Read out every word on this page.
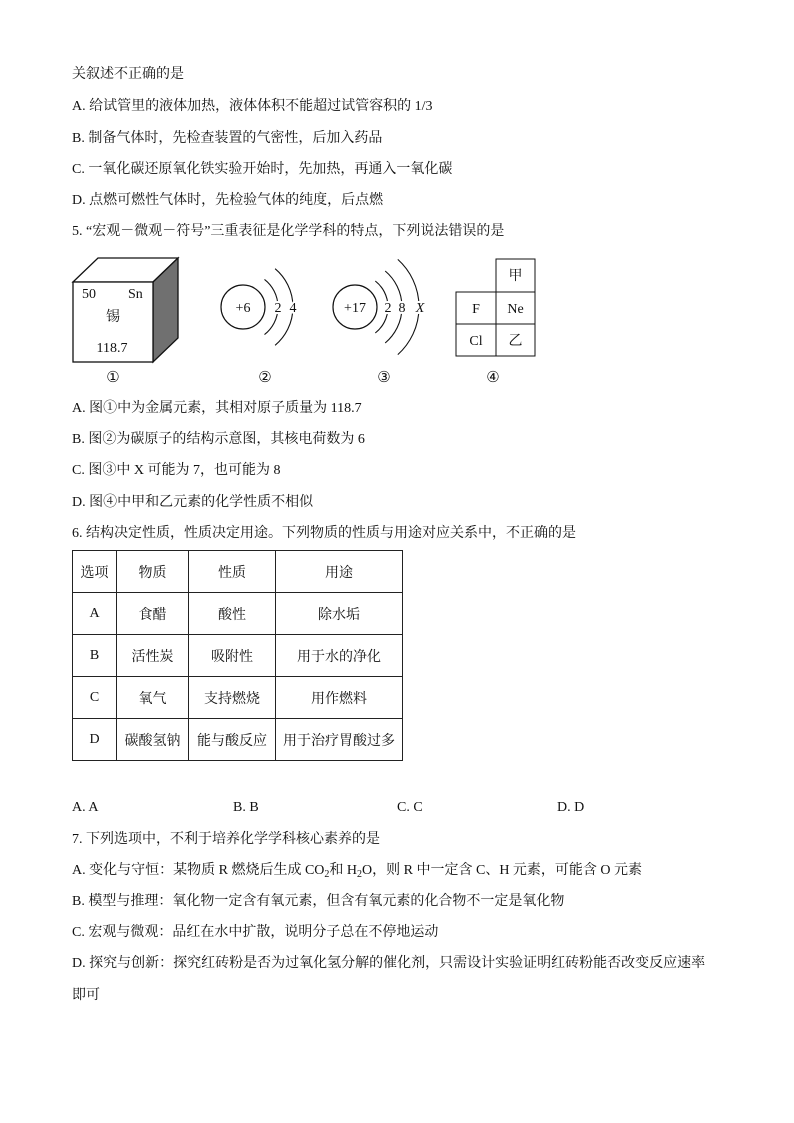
关叙述不正确的是
A. 给试管里的液体加热，液体体积不能超过试管容积的 1/3
B. 制备气体时，先检查装置的气密性，后加入药品
C. 一氧化碳还原氧化铁实验开始时，先加热，再通入一氧化碳
D. 点燃可燃性气体时，先检验气体的纯度，后点燃
5. “宏观－微观－符号”三重表征是化学学科的特点，下列说法错误的是
50 Sn
锡
118.7
①
+6 2 4
②
+17 2 8 X
③
甲
F Ne
Cl 乙
④
A. 图①中为金属元素，其相对原子质量为 118.7
B. 图②为碳原子的结构示意图，其核电荷数为 6
C. 图③中 X 可能为 7，也可能为 8
D. 图④中甲和乙元素的化学性质不相似
6. 结构决定性质，性质决定用途。下列物质的性质与用途对应关系中，不正确的是
选项	物质	性质	用途
A	食醋	酸性	除水垢
B	活性炭	吸附性	用于水的净化
C	氧气	支持燃烧	用作燃料
D	碳酸氢钠	能与酸反应	用于治疗胃酸过多
A. A	B. B	C. C	D. D
7. 下列选项中，不利于培养化学学科核心素养的是
A. 变化与守恒：某物质 R 燃烧后生成 $CO_2$和 $H_2O$，则 R 中一定含 C、H 元素，可能含 O 元素
B. 模型与推理：氧化物一定含有氧元素，但含有氧元素的化合物不一定是氧化物
C. 宏观与微观：品红在水中扩散，说明分子总在不停地运动
D. 探究与创新：探究红砖粉是否为过氧化氢分解的催化剂，只需设计实验证明红砖粉能否改变反应速率
即可
